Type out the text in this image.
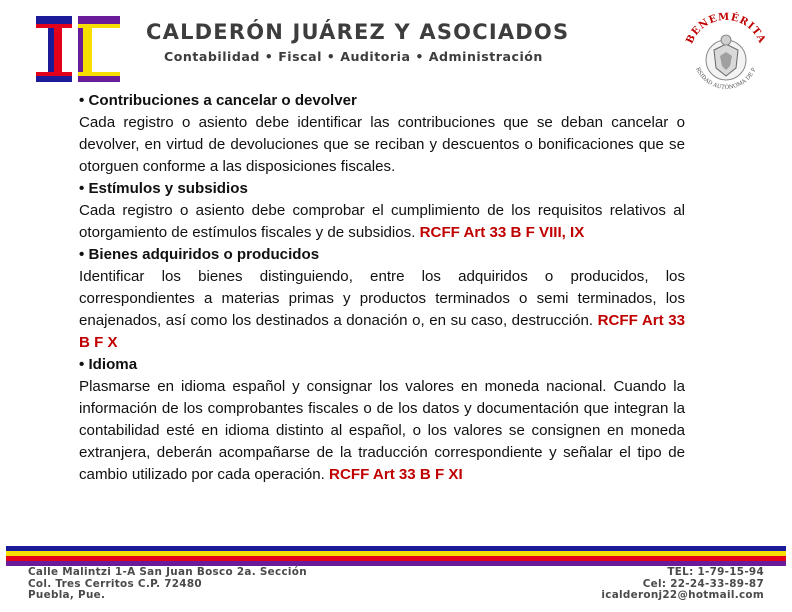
CALDERÓN JUÁREZ Y ASOCIADOS
Contabilidad • Fiscal • Auditoria • Administración
BENEMÉRITA
RSIDAD AUTÓNOMA DE P

• Contribuciones a cancelar o devolver

Cada registro o asiento debe identificar las contribuciones que se deban cancelar o devolver, en virtud de devoluciones que se reciban y descuentos o bonificaciones que se otorguen conforme a las disposiciones fiscales.

• Estímulos y subsidios

Cada registro o asiento debe comprobar el cumplimiento de los requisitos relativos al otorgamiento de estímulos fiscales y de subsidios. RCFF Art 33 B F VIII, IX

• Bienes adquiridos o producidos

Identificar los bienes distinguiendo, entre los adquiridos o producidos, los correspondientes a materias primas y productos terminados o semi terminados, los enajenados, así como los destinados a donación o, en su caso, destrucción. RCFF Art 33 B F X

• Idioma

Plasmarse en idioma español y consignar los valores en moneda nacional. Cuando la información de los comprobantes fiscales o de los datos y documentación que integran la contabilidad esté en idioma distinto al español, o los valores se consignen en moneda extranjera, deberán acompañarse de la traducción correspondiente y señalar el tipo de cambio utilizado por cada operación. RCFF Art 33 B F XI

Calle Malintzi 1-A San Juan Bosco 2a. Sección
Col. Tres Cerritos C.P. 72480
Puebla, Pue.
TEL: 1-79-15-94
Cel: 22-24-33-89-87
icalderonj22@hotmail.com
